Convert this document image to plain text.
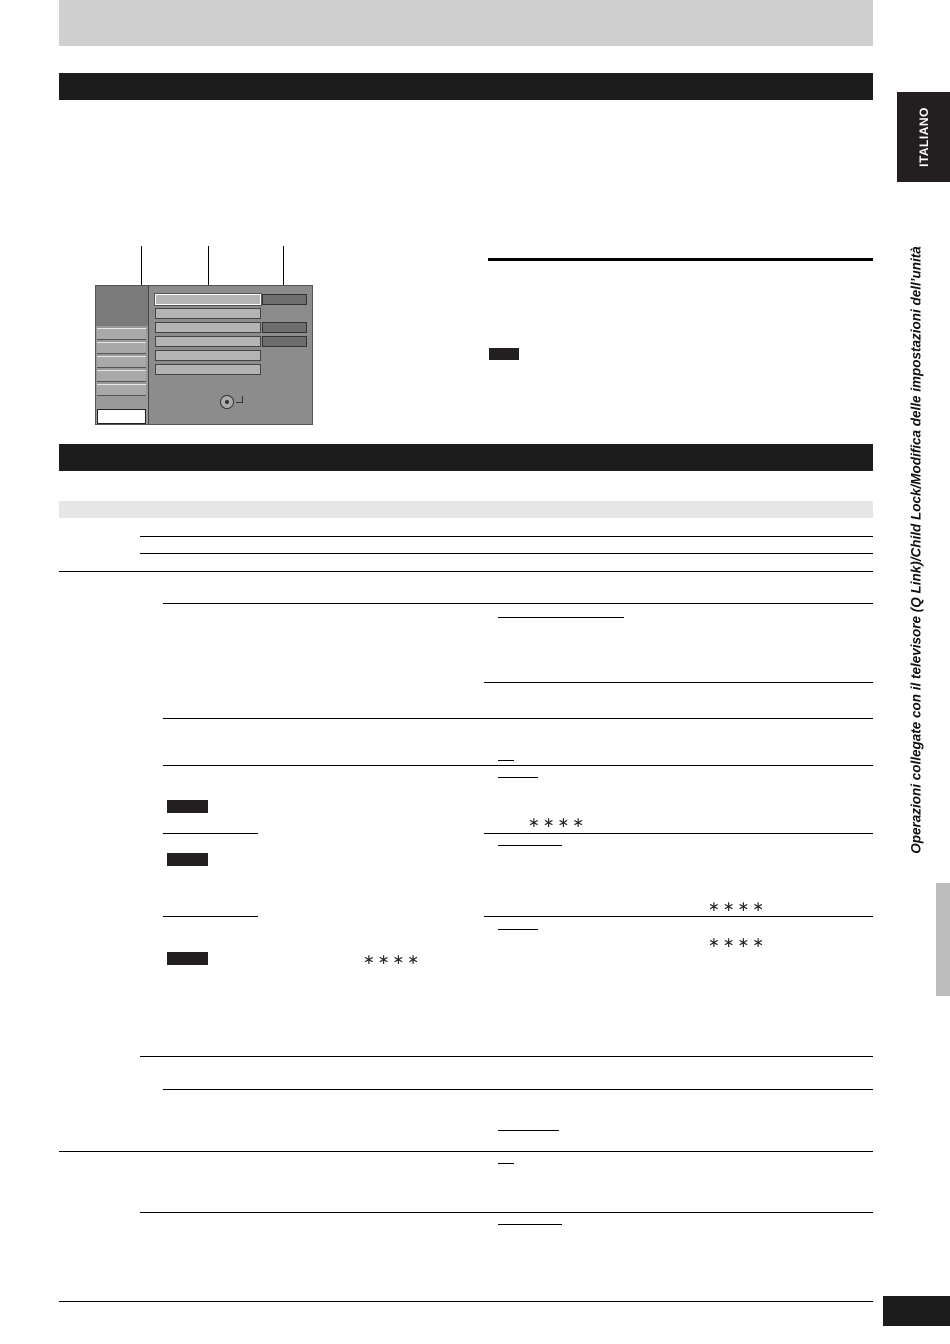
ITALIANO
Operazioni collegate con il televisore (Q Link)/Child Lock/Modifica delle impostazioni dell’unità
∗∗∗∗
∗∗∗∗
∗∗∗∗
∗∗∗∗
